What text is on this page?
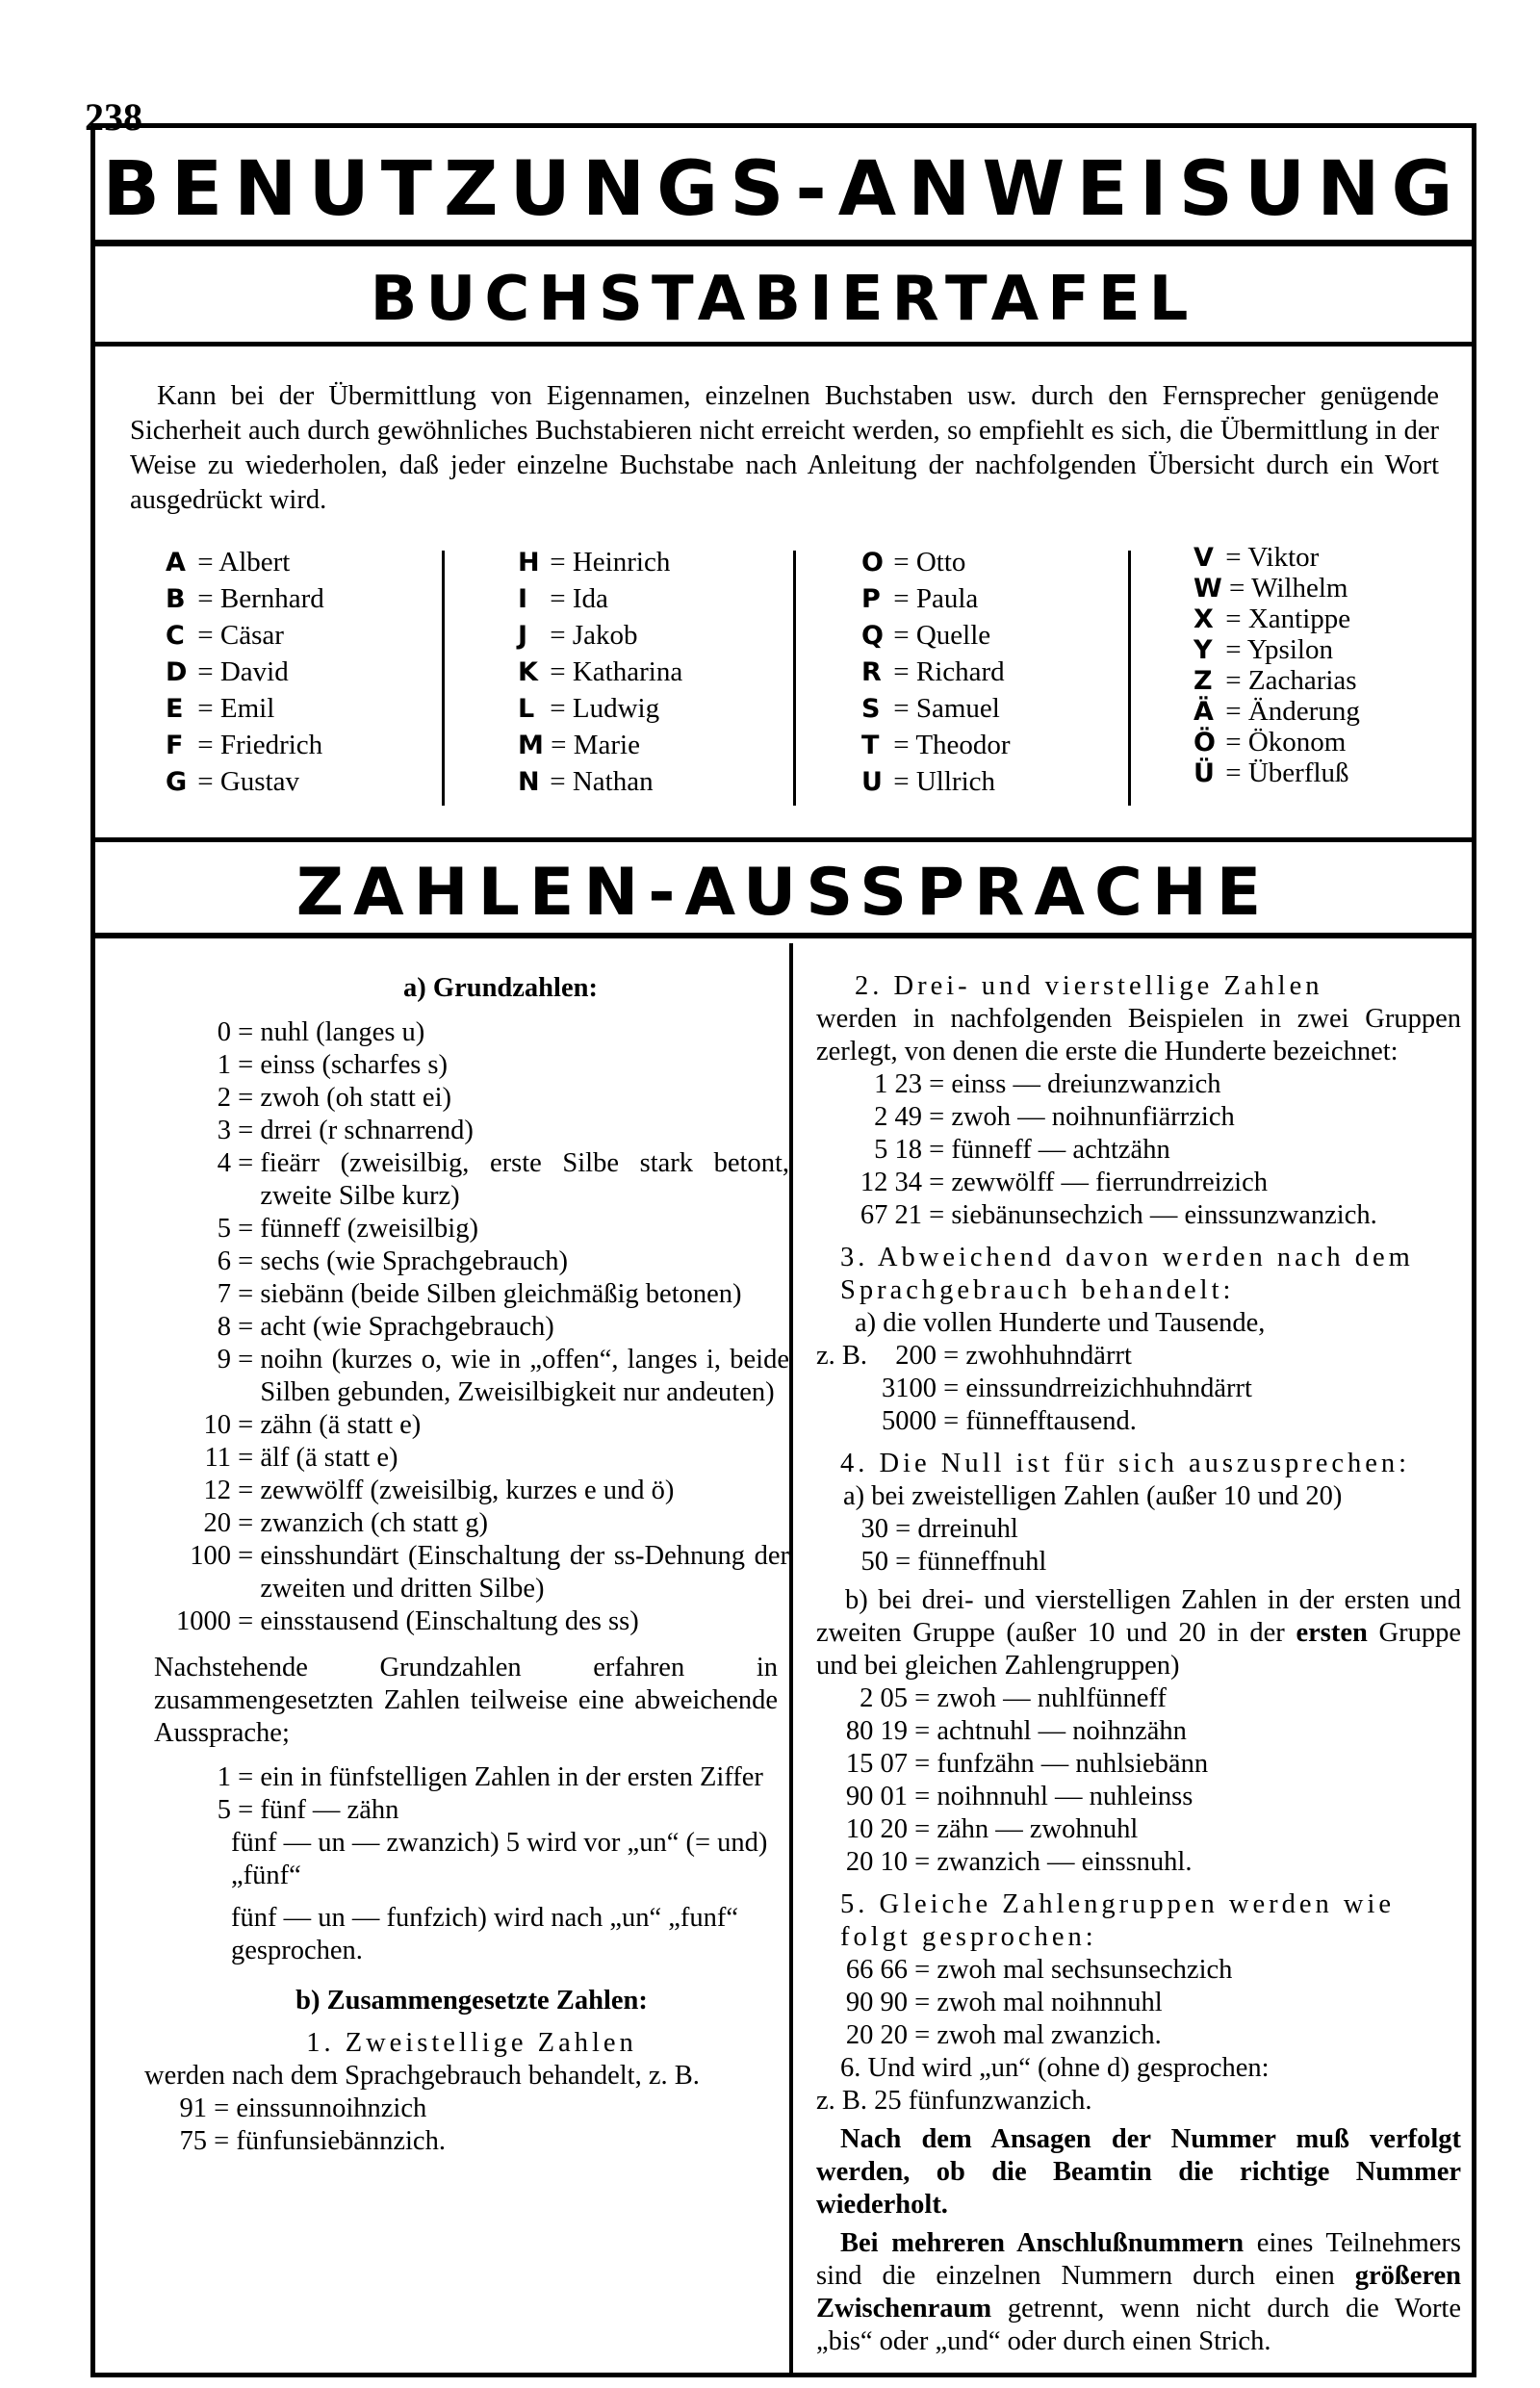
238
BENUTZUNGS-ANWEISUNG
BUCHSTABIERTAFEL
Kann bei der Übermittlung von Eigennamen, einzelnen Buchstaben usw. durch den Fernsprecher genügende Sicherheit auch durch gewöhnliches Buchstabieren nicht erreicht werden, so empfiehlt es sich, die Übermittlung in der Weise zu wiederholen, daß jeder einzelne Buchstabe nach Anleitung der nachfolgenden Übersicht durch ein Wort ausgedrückt wird.
A = Albert
B = Bernhard
C = Cäsar
D = David
E = Emil
F = Friedrich
G = Gustav
H = Heinrich
I = Ida
J = Jakob
K = Katharina
L = Ludwig
M = Marie
N = Nathan
O = Otto
P = Paula
Q = Quelle
R = Richard
S = Samuel
T = Theodor
U = Ullrich
V = Viktor
W = Wilhelm
X = Xantippe
Y = Ypsilon
Z = Zacharias
Ä = Änderung
Ö = Ökonom
Ü = Überfluß
ZAHLEN-AUSSPRACHE

a) Grundzahlen:

0 = nuhl (langes u)
1 = einss (scharfes s)
2 = zwoh (oh statt ei)
3 = drrei (r schnarrend)
4 = fieärr (zweisilbig, erste Silbe stark betont, zweite Silbe kurz)
5 = fünneff (zweisilbig)
6 = sechs (wie Sprachgebrauch)
7 = siebänn (beide Silben gleichmäßig betonen)
8 = acht (wie Sprachgebrauch)
9 = noihn (kurzes o, wie in „offen“, langes i, beide Silben gebunden, Zweisilbigkeit nur andeuten)
10 = zähn (ä statt e)
11 = älf (ä statt e)
12 = zewwölff (zweisilbig, kurzes e und ö)
20 = zwanzich (ch statt g)
100 = einsshundärt (Einschaltung der ss-Dehnung der zweiten und dritten Silbe)
1000 = einsstausend (Einschaltung des ss)

Nachstehende Grundzahlen erfahren in zusammengesetzten Zahlen teilweise eine abweichende Aussprache;

1 = ein in fünfstelligen Zahlen in der ersten Ziffer
5 = fünf — zähn

fünf — un — zwanzich) 5 wird vor „un“ (= und) „fünf“

fünf — un — funfzich) wird nach „un“ „funf“ gesprochen.

b) Zusammengesetzte Zahlen:

1. Zweistellige Zahlen

werden nach dem Sprachgebrauch behandelt, z. B.

91 = einssunnoihnzich
75 = fünfunsiebännzich.

2. Drei- und vierstellige Zahlen

werden in nachfolgenden Beispielen in zwei Gruppen zerlegt, von denen die erste die Hunderte bezeichnet:

1 23 = einss — dreiunzwanzich
2 49 = zwoh — noihnunfiärrzich
5 18 = fünneff — achtzähn
12 34 = zewwölff — fierrundrreizich
67 21 = siebänunsechzich — einssunzwanzich.

3. Abweichend davon werden nach dem Sprachgebrauch behandelt:

a) die vollen Hunderte und Tausende,

z. B.	200 = zwohhuhndärrt
3100 = einssundrreizichhuhndärrt
5000 = fünnefftausend.

4. Die Null ist für sich auszusprechen:

a) bei zweistelligen Zahlen (außer 10 und 20)

30 = drreinuhl
50 = fünneffnuhl

b) bei drei- und vierstelligen Zahlen in der ersten und zweiten Gruppe (außer 10 und 20 in der ersten Gruppe und bei gleichen Zahlengruppen)

2 05 = zwoh — nuhlfünneff
80 19 = achtnuhl — noihnzähn
15 07 = funfzähn — nuhlsiebänn
90 01 = noihnnuhl — nuhleinss
10 20 = zähn — zwohnuhl
20 10 = zwanzich — einssnuhl.

5. Gleiche Zahlengruppen werden wie folgt gesprochen:

66 66 = zwoh mal sechsunsechzich
90 90 = zwoh mal noihnnuhl
20 20 = zwoh mal zwanzich.

6. Und wird „un“ (ohne d) gesprochen:

z. B. 25 fünfunzwanzich.

Nach dem Ansagen der Nummer muß verfolgt werden, ob die Beamtin die richtige Nummer wiederholt.

Bei mehreren Anschlußnummern eines Teilnehmers sind die einzelnen Nummern durch einen größeren Zwischenraum getrennt, wenn nicht durch die Worte „bis“ oder „und“ oder durch einen Strich.
